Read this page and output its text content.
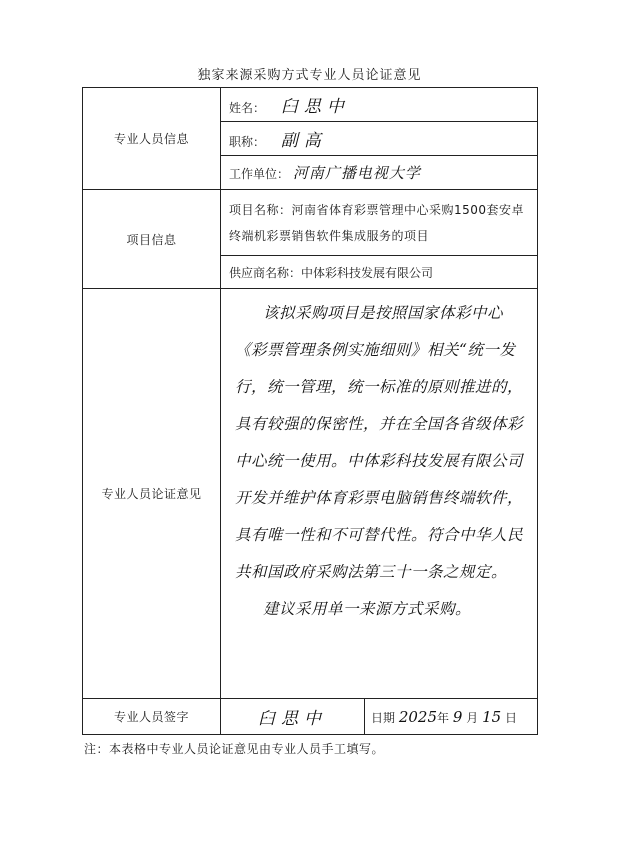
独家来源采购方式专业人员论证意见
专业人员信息	姓名： 臼思中	
	职称： 副高	
	工作单位： 河南广播电视大学	
项目信息	项目名称：河南省体育彩票管理中心采购1500套安卓终端机彩票销售软件集成服务的项目	
	供应商名称：中体彩科技发展有限公司	
专业人员论证意见	该拟采购项目是按照国家体彩中心《彩票管理条例实施细则》相关“统一发行，统一管理，统一标准的原则推进的，具有较强的保密性，并在全国各省级体彩中心统一使用。中体彩科技发展有限公司开发并维护体育彩票电脑销售终端软件，具有唯一性和不可替代性。符合中华人民共和国政府采购法第三十一条之规定。
建议采用单一来源方式采购。	

专业人员签字	臼思中	日期 2025年 9 月 15 日
注：本表格中专业人员论证意见由专业人员手工填写。
